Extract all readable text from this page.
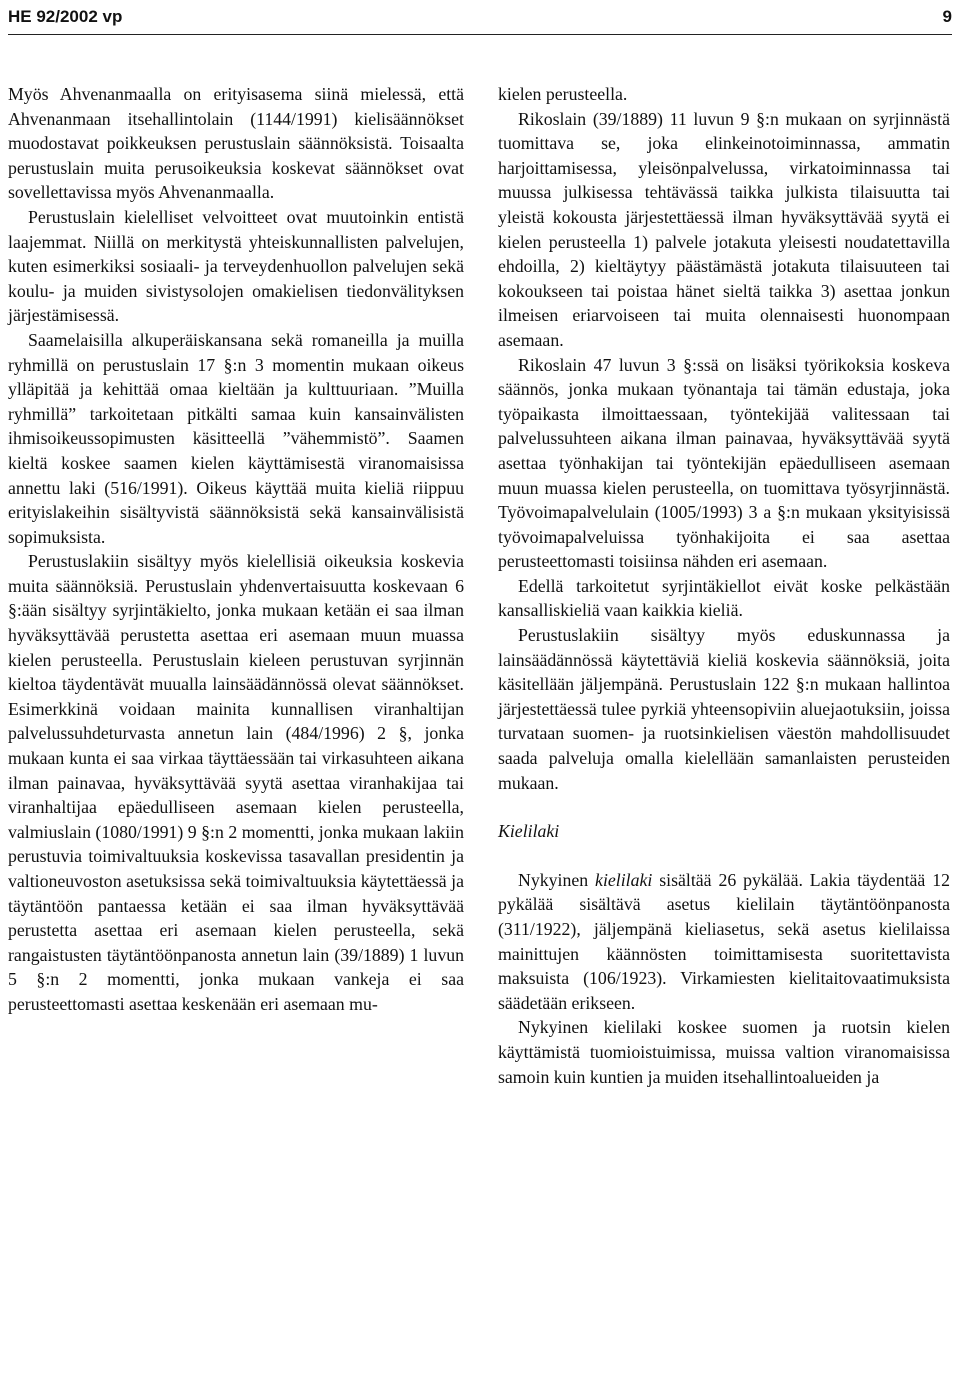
HE 92/2002 vp	9
Myös Ahvenanmaalla on erityisasema siinä mielessä, että Ahvenanmaan itsehallintolain (1144/1991) kielisäännökset muodostavat poikkeuksen perustuslain säännöksistä. Toisaalta perustuslain muita perusoikeuksia koskevat säännökset ovat sovellettavissa myös Ahvenanmaalla.
Perustuslain kielelliset velvoitteet ovat muutoinkin entistä laajemmat. Niillä on merkitystä yhteiskunnallisten palvelujen, kuten esimerkiksi sosiaali- ja terveydenhuollon palvelujen sekä koulu- ja muiden sivistysolojen omakielisen tiedonvälityksen järjestämisessä.
Saamelaisilla alkuperäiskansana sekä romaneilla ja muilla ryhmillä on perustuslain 17 §:n 3 momentin mukaan oikeus ylläpitää ja kehittää omaa kieltään ja kulttuuriaan. ”Muilla ryhmillä” tarkoitetaan pitkälti samaa kuin kansainvälisten ihmisoikeussopimusten käsitteellä ”vähemmistö”. Saamen kieltä koskee saamen kielen käyttämisestä viranomaisissa annettu laki (516/1991). Oikeus käyttää muita kieliä riippuu erityislakeihin sisältyvistä säännöksistä sekä kansainvälisistä sopimuksista.
Perustuslakiin sisältyy myös kielellisiä oikeuksia koskevia muita säännöksiä. Perustuslain yhdenvertaisuutta koskevaan 6 §:ään sisältyy syrjintäkielto, jonka mukaan ketään ei saa ilman hyväksyttävää perustetta asettaa eri asemaan muun muassa kielen perusteella. Perustuslain kieleen perustuvan syrjinnän kieltoa täydentävät muualla lainsäädännössä olevat säännökset. Esimerkkinä voidaan mainita kunnallisen viranhaltijan palvelussuhdeturvasta annetun lain (484/1996) 2 §, jonka mukaan kunta ei saa virkaa täyttäessään tai virkasuhteen aikana ilman painavaa, hyväksyttävää syytä asettaa viranhakijaa tai viranhaltijaa epäedulliseen asemaan kielen perusteella, valmiuslain (1080/1991) 9 §:n 2 momentti, jonka mukaan lakiin perustuvia toimivaltuuksia koskevissa tasavallan presidentin ja valtioneuvoston asetuksissa sekä toimivaltuuksia käytettäessä ja täytäntöön pantaessa ketään ei saa ilman hyväksyttävää perustetta asettaa eri asemaan kielen perusteella, sekä rangaistusten täytäntöönpanosta annetun lain (39/1889) 1 luvun 5 §:n 2 momentti, jonka mukaan vankeja ei saa perusteettomasti asettaa keskenään eri asemaan mu-
kielen perusteella.
Rikoslain (39/1889) 11 luvun 9 §:n mukaan on syrjinnästä tuomittava se, joka elinkeinotoiminnassa, ammatin harjoittamisessa, yleisönpalvelussa, virkatoiminnassa tai muussa julkisessa tehtävässä taikka julkista tilaisuutta tai yleistä kokousta järjestettäessä ilman hyväksyttävää syytä ei kielen perusteella 1) palvele jotakuta yleisesti noudatettavilla ehdoilla, 2) kieltäytyy päästämästä jotakuta tilaisuuteen tai kokoukseen tai poistaa hänet sieltä taikka 3) asettaa jonkun ilmeisen eriarvoiseen tai muita olennaisesti huonompaan asemaan.
Rikoslain 47 luvun 3 §:ssä on lisäksi työrikoksia koskeva säännös, jonka mukaan työnantaja tai tämän edustaja, joka työpaikasta ilmoittaessaan, työntekijää valitessaan tai palvelussuhteen aikana ilman painavaa, hyväksyttävää syytä asettaa työnhakijan tai työntekijän epäedulliseen asemaan muun muassa kielen perusteella, on tuomittava työsyrjinnästä. Työvoimapalvelulain (1005/1993) 3 a §:n mukaan yksityisissä työvoimapalveluissa työnhakijoita ei saa asettaa perusteettomasti toisiinsa nähden eri asemaan.
Edellä tarkoitetut syrjintäkiellot eivät koske pelkästään kansalliskieliä vaan kaikkia kieliä.
Perustuslakiin sisältyy myös eduskunnassa ja lainsäädännössä käytettäviä kieliä koskevia säännöksiä, joita käsitellään jäljempänä. Perustuslain 122 §:n mukaan hallintoa järjestettäessä tulee pyrkiä yhteensopiviin aluejaotuksiin, joissa turvataan suomen- ja ruotsinkielisen väestön mahdollisuudet saada palveluja omalla kielellään samanlaisten perusteiden mukaan.
Kielilaki
Nykyinen kielilaki sisältää 26 pykälää. Lakia täydentää 12 pykälää sisältävä asetus kielilain täytäntöönpanosta (311/1922), jäljempänä kieliasetus, sekä asetus kielilaissa mainittujen käännösten toimittamisesta suoritettavista maksuista (106/1923). Virkamiesten kielitaitovaatimuksista säädetään erikseen.
Nykyinen kielilaki koskee suomen ja ruotsin kielen käyttämistä tuomioistuimissa, muissa valtion viranomaisissa samoin kuin kuntien ja muiden itsehallintoalueiden ja
